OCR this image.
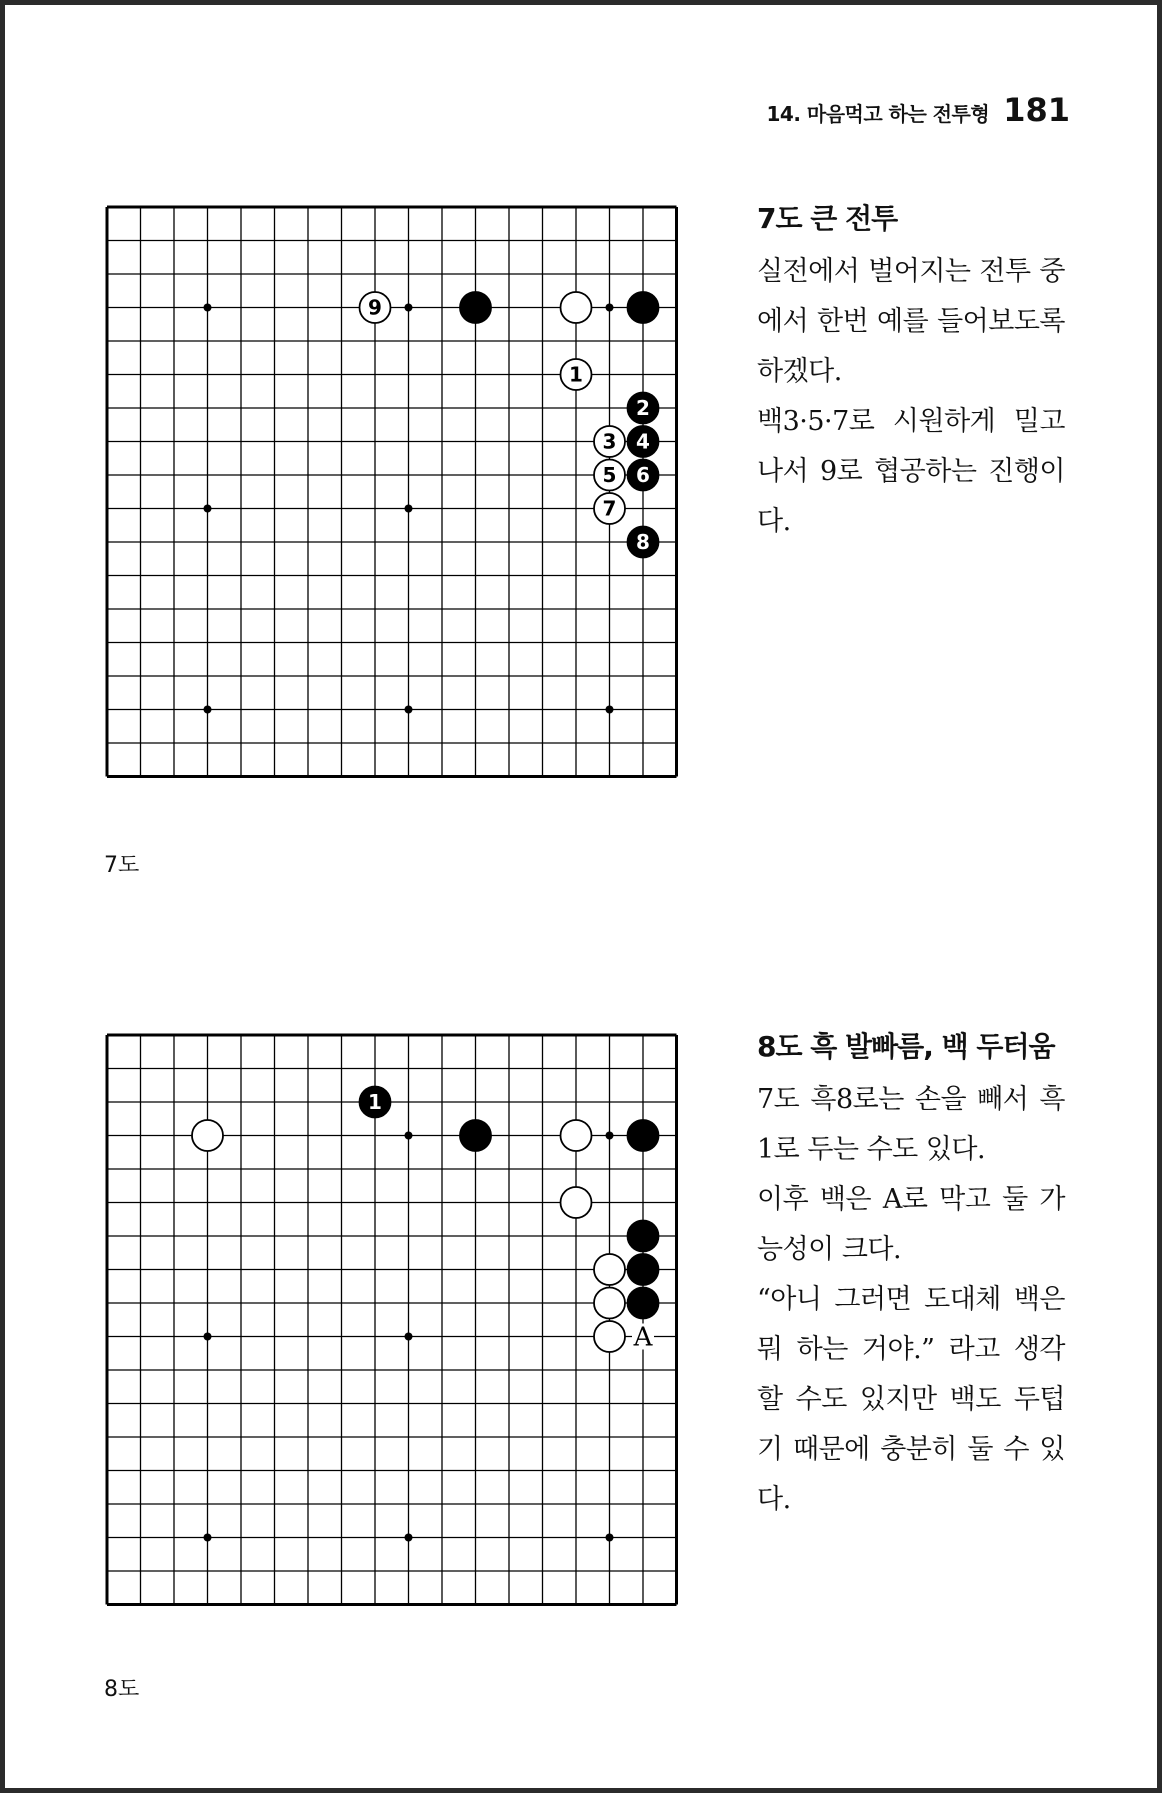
14. 마음먹고 하는 전투형 181
1
2
3 4
5 6
7
8
9
7도
7도 큰 전투
실전에서 벌어지는 전투 중에서 한번 예를 들어보도록 하겠다.
백3·5·7로 시원하게 밀고 나서 9로 협공하는 진행이다.
A
1
8도
8도 흑 발빠름, 백 두터움
7도 흑8로는 손을 빼서 흑1로 두는 수도 있다.
이후 백은 A로 막고 둘 가능성이 크다.
“아니 그러면 도대체 백은 뭐 하는 거야.” 라고 생각할 수도 있지만 백도 두텁기 때문에 충분히 둘 수 있다.
